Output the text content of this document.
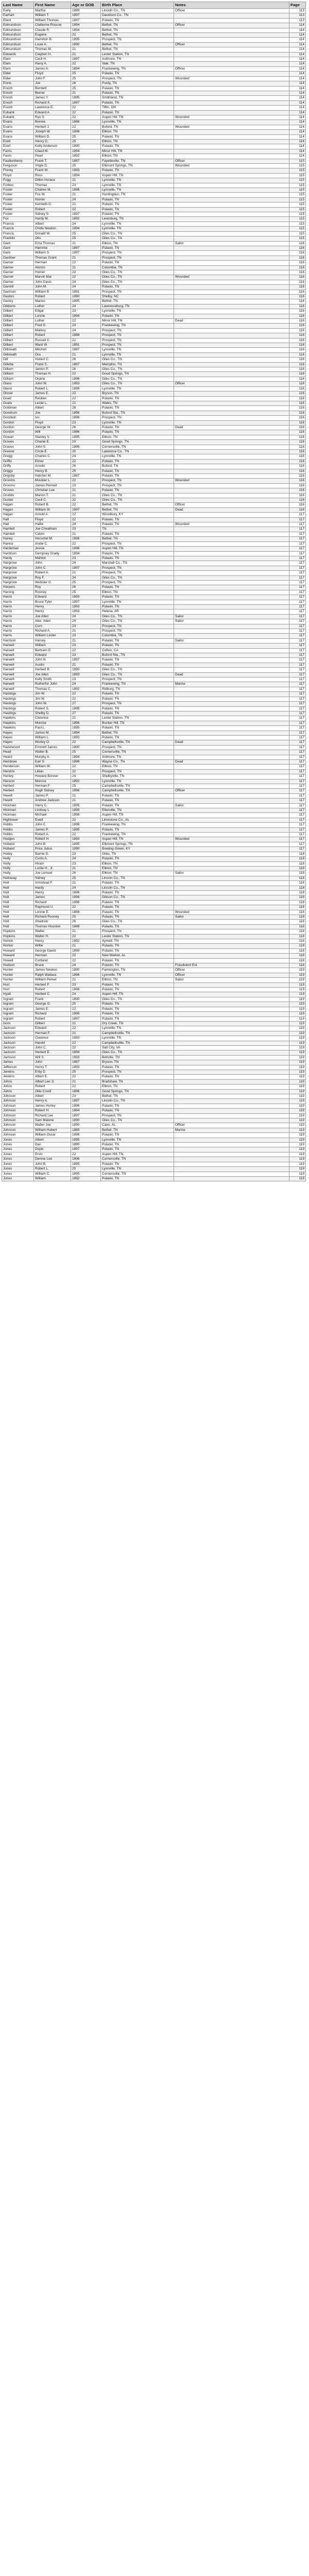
Last Name	First Name	Age or DOB	Birth Place	Notes	Page
Early	Martha	1899	Lincoln Co., TN	Officer	113
Earhart	William T.	1897	Davidson Co., TN		113
Ebert	William Thomas	1897	Pulaski, TN		113
Edmundson	Claiburne Roscoe	1894	Bethel, TN	Officer	114
Edmundson	Claude R.	1894	Bethel, TN		114
Edmundson	Eugene	22	Bethel, TN		114
Edmundson	Hamilton B.	1895	Prospect, TN		114
Edmundson	Louie A.	1890	Bethel, TN	Officer	114
Edmundson	Thomas M.	21	Bethel, TN		114
Edwards	Claybon H.	21	Lester Station, TN		114
Elam	Cecil H.	1897	Ardmore, TN		114
Elam	Harry A.	22	Vale, TN		114
Elam	James A.	1894	Frankewing, TN	Officer	114
Elder	Floyd	25	Pulaski, TN		114
Elder	John F.	25	Prospect, TN	Wounded	114
Ennis	Joe	26	Purdy, TN		114
Enoch	Bennett	25	Pulaski, TN		114
Enoch	Bernie	21	Pulaski, TN		114
Enoch	James Y.	1895	Smithland, TN		114
Enoch	Richard K.	1897	Pulaski, TN		114
Enoch	Lawrence E.	22	Tiffin, OH		114
Eubank	Edward A.	22	Pulaski, TN		114
Eubank	Ryo S.	22	Aspen Hill, TN	Wounded	114
Evans	Bonnie	1886	Lynnville, TN		114
Evans	Herbert J.	22	Buford, TN	Wounded	114
Evans	Joseph W.	1896	Elkton, TN		114
Evans	William D.	25	Pulaski, TN		114
Ezell	Henry G.	25	Elkton, TN		114
Ezell	Kelly Anderson	1890	Pulaski, TN		114
Farris	Claud M.	1894	Minor Hill, TN		114
Farris	Pearl	1892	Elkton, TN		114
Faulkenberry	Frank T.	1887	Fayetteville, TN	Officer	115
Ferguson	Virgle D.	25	Elkmont Springs, TN	Wounded	115
Finney	Frank W.	1893	Pulaski, TN		115
Floyd	Ross	1894	Aspen Hill, TN		115
Fogg	Dillon Horace	21	Lynnville, TN		115
Forbes	Thomas	23	Lynnville, TN		115
Foster	Charles M.	1896	Lynnville, TN		115
Foster	Fox W.	21	Huntingdon, TN		115
Foster	Homer	24	Pulaski, TN		115
Foster	Kenneth G.	21	Pulaski, TN		115
Foster	Robert	22	Pulaski, TN		115
Foster	Sidney S.	1897	Pulaski, TN		115
Fox	Hardy M.	1892	Lewisburg, TN		115
Francis	Albert	24	Lynnville, TN		115
Francis	Chide Newton	1894	Lynnville, TN		115
Francis	Donald W.	25	Giles Co., TN		115
Franklin	Otis	25	Giles Co., TN		115
Gant	Ezra Thomas	21	Elkton, TN	Sailor	116
Gant	Hammie	1897	Pulaski, TN		116
Gant	William S.	1897	Prospect, TN		116
Gardner	Thomas Grant	21	Prospect, TN		116
Garner	Herman	22	Pulaski, TN		116
Garner	Alonzo	21	Columbia, TN		116
Garner	Homer	22	Giles Co., TN		116
Garner	Marvin Mar	22	Giles Co., TN	Wounded	116
Garner	John Davis	24	Giles Co., TN		116
Garrett	John M.	24	Pulaski, TN		116
Garrison	William B.	1891	Prospect, TN		116
Gaston	Robert	1890	Shelby, NC		116
Gentry	Marion	1895	Bethel, TN		116
Gibbons	Luther	24	Lawrenceburg, TN		116
Gilbert	Edgar	23	Lynnville, TN		116
Gilbert	Lonnie	1894	Pulaski, TN		116
Gilbert	Luther	22	Minor Hill, TN	Dead	116
Gilbert	Fred G.	23	Frankewing, TN		116
Gilbert	Mallory	24	Prospect, TN		116
Gilbert	Robert	1888	Prospect, TN		116
Gilbert	Russell C.	22	Prospect, TN		116
Gilbert	Ward W.	1891	Prospect, TN		116
Gilbreath	Mitchell	1887	Lynnville, TN		116
Gilbreath	Ora	21	Lynnville, TN		116
Gill	Hubert C.	26	Giles Co., TN		116
Gillette	Frank S.	1897	Memphis, TN		116
Gilliam	James P.	26	Giles Co., TN		116
Gilliam	Thomas H.	22	Good Springs, TN		116
Gilliam	Orpine	1896	Giles Co., TN		116
Glass	John W.	1893	Giles Co., TN	Officer	116
Glenn	Robert L.	1899	Lynnville, TN		116
Glover	James E.	22	Bryson, TN		116
Goad	Reuben	22	Pulaski, TN		116
Goats	Leslie L.	21	Wales, TN		116
Goldman	Albert	26	Pulaski, TN		116
Goodrum	Joe	1896	Buford Sta., TN		116
Goodwin	Ivo	1896	Prospect, TN		116
Gordon	Floyd	23	Lynnville, TN		116
Gordon	George W.	26	Pulaski, TN	Dead	116
Gordon	Will	1896	Pulaski, TN		116
Gowan	Stanley V.	1895	Elkton, TN		116
Graves	Charlie E.	20	Good Springs, TN		116
Graves	John S.	1896	Cornersville, TN		116
Greene	Circle E.	25	Lawrence Co., TN		116
Gregg	Charles C.	24	Lynnville, TN		116
Griffin	Elmer	22	Pulaski, TN		116
Griffy	Arnold	26	Buford, TN		116
Griggs	Henry B.	25	Pulaski, TN		116
Grigsby	Hatcher M.	1887	Pulaski, TN		116
Grooms	Moulder L.	22	Prospect, TN	Wounded	116
Grooms	James Pennell	23	Prospect, TN		116
Groves	Christian Lee	21	Pulaski, TN		116
Grubbs	Marion T.	21	Giles Co., TN		116
Gunter	Cecil C.	22	Giles Co., TN		116
Hagan	Robert B.	22	Bethel, TN	Officer	116
Hagan	William W.	1897	Bethel, TN	Dead	116
Hagan	Arnold A.	22	Woodbury, KY		117
Hall	Floyd	22	Pulaski, TN		117
Hall	Hallie	24	Pulaski, TN	Wounded	117
Hamlett	Joe Cheatham	23	TN		117
Hamlett	Calvin	21	Pulaski, TN		117
Haney	Herschel M.	1896	Bethel, TN		117
Hanna	Andie C.	22	Prospect, TN		117
Hardeman	Jessie	1896	Aspen Hill, TN		117
Hardison	Dempsey Grady	1894	Pulaski, TN		117
Hardy	Mahlon	23	Pulaski, TN		117
Hargrove	John	24	Marshall Co., TN		117
Hargrove	John C.	1897	Prospect, TN		117
Hargrove	Robert A.	21	Prospect, TN		117
Hargrove	Roy F.	24	Giles Co., TN		117
Hargrove	Webster G.	25	Prospect, TN		117
Harpers	Roy	26	Pulaski, TN		117
Harring	Rooney	25	Elkton, TN		117
Harris	Edward	1893	Pulaski, TN		117
Harris	Bruce Tyler	1897	Lynnville, TN		117
Harris	Henry	1893	Pulaski, TN		117
Harris	Henry	1893	Helena, AR		117
Harris	Joe Allen	24	Giles Co., TN	Sailor	117
Harris	Alex. Allen	24	Giles Co., TN	Sailor	117
Harris	Corn	23	Prospect, TN		117
Harris	Richard A.	21	Prospect, TN		117
Harris	William Lester	23	Columbia, TN		117
Harrison	Harvey	21	Pulaski, TN	Sailor	117
Harwell	William	23	Pulaski, TN		117
Harwell	Bertram O.	22	Cofton, CA		117
Harwell	Edward	23	Buford Sta., TN		117
Harwell	John N.	1897	Pulaski, TN		117
Harwell	Austin	21	Pulaski, TN		117
Harwell	Herbert B.	1890	Giles Co., TN		117
Harwell	Joe Allen	1893	Giles Co., TN	Dead	117
Harwell	Kelly Smith	23	Prospect, TN		117
Harwell	Rutherfor John	24	Frankewing, TN	Marine	117
Harwell	Thomas C.	1892	Ridburg, TN		117
Hastings	Jim W.	22	Pulaski, TN		117
Hastings	Jim W.	22	Pulaski, TN		117
Hastings	John W.	27	Prospect, TN		117
Hastings	Robert S.	1895	Pulaski, TN		117
Hastings	Shelby D.	27	Pulaski, TN		117
Hawkins	Clarence	21	Lester Station, TN		117
Hawkins	Monroe	1896	Bunker Hill, TN		117
Hawkins	Paul L.	1895	Pulaski, TN		117
Hayes	James M.	1894	Bethel, TN		117
Hayes	William L.	1893	Pulaski, TN		117
Hayes	Worley O.	22	Campbellsville, TN	Dead	117
Hazelwood	Emmett James	1890	Prospect, TN		117
Head	Walter B.	25	Cornersville, TN		117
Heard	Murphy A.	1894	Ardmore, TN		117
Hembree	Earl S.	1898	Wayne Co., TN	Dead	117
Henderson	William W.	22	Elkton, TN		117
Hendrix	Lillian	22	Prospect, TN		117
Henley	Howard Bonner	24	Shelbyville, TN		117
Henson	Monroe	1892	Lynnville, TN		117
Herbert	Herman F.	25	Campbellsville, TN		117
Herbert	Hugh Sidney	1896	Campbellsville, TN	Officer	117
Hewitt	James P.	21	Pulaski, TN		117
Hewitt	Andrew Jackson	21	Pulaski, TN		117
Hickman	Harry C.	1895	Pulaski, TN	Sailor	117
Hickman	Lindsay L.	1899	Ellenville, TN		117
Hickman	Michael	1896	Aspen Hill, TN		117
Hightower	Ewell	22	Limestone Co., AL		117
Hobbs	John C.	1896	Frankewing, TN		117
Hobbs	James P.	1895	Pulaski, TN		117
Hobbs	Robert A.	22	Frankewing, TN		117
Hodges	Robert H.	1893	Aspen Hill, TN	Wounded	117
Holland	John B.	1895	Elkmont Springs, TN		117
Holland	Price Julius	1890	Bowling Green, KY		117
Holley	Barnie D.	23	Giles, TN		118
Holly	Curtis A.	24	Pulaski, TN		118
Holly	Hiram	23	Elkton, TN		118
Holly	Lucile H., Jr.	21	Elkton, TN		118
Holly	Joe Lemuel	26	Elkton, TN	Sailor	118
Holloway	Sidney	25	Lincoln Co., TN		118
Holt	Armstead F.	21	Pulaski, TN		118
Holt	Hardy	24	Lincoln Co., TN		118
Holt	Henry	1896	Pulaski, TN		118
Holt	James	1896	Gibson Co., TN		118
Holt	Richard	1896	Pulaski, TN		118
Holt	Raymond U.	22	Pulaski, TN		118
Holt	Lonnie E.	1888	Pulaski, TN	Wounded	118
Holt	Richard Rooney	25	Pulaski, TN	Sailor	118
Holt	Shadrick	26	Giles Co., TN		118
Holt	Thomas Houston	1888	Pulaski, TN		118
Hopkins	Walter	21	Prospect, TN		118
Hopkins	Walter H.	22	Lester Station, TN		118
Horton	Henry	1892	Aymett, TN		118
Horton	Willie	21	Pulaski, TN		118
Howard	George David	1899	Pulaski, TN		118
Howard	Herman	22	New Market, AL		118
Howell	Cortland	22	Pulaski, TN		118
Hudson	Bruce	24	Pulaski, TN	Fraudulent Enl.	118
Hunter	James Newton	1890	Farmington, TN	Officer	119
Hunter	Ralph Wallace	1896	Lynnville, TN	Officer	119
Hunter	William Pernel	21	Elkton, TN	Sailor	119
Hurt	Herbert F.	23	Pulaski, TN		119
Hurt	Robert	1896	Pulaski, TN		119
Hyatt	Herbert C.	24	Aspen Hill, TN		119
Ingram	Frank	1890	Giles Co., TN		119
Ingram	George G.	25	Pulaski, TN		119
Ingram	James E.	22	Pulaski, TN		119
Ingram	Richard	1895	Pulaski, TN		119
Ingram	Robert	1897	Pulaski, TN		119
Isom	Gilbert	21	Dry Creek, TN		119
Jackson	Edward	22	Lynnville, TN		119
Jackson	Herman F.	21	Campbellsville, TN		119
Jackson	Clarence	1893	Lynnville, TN		119
Jackson	Harold	22	Campbellsville, TN		119
Jackson	John C.	22	Salt City, VA		119
Jackson	Herbert E.	1894	Giles Co., TN		119
Jamison	Will S.	1893	Bellville, TN		119
James	John	1887	Bryson, TN		119
Jefferson	Henry T.	1893	Pulaski, TN		119
Jenkins	Erby D.	25	Prospect, TN		119
Jenkins	Albert E.	22	Pulaski, TN		119
Johns	Albert Lee Jr.	21	Bradshaw, TN		119
Johns	Robert	22	Elkton, TN		119
Johns	Ollie Covid	1896	Good Springs, TN		119
Johnson	Albert	23	Bethel, TN		119
Johnson	Henry A.	1897	Lincoln Co., TN		119
Johnson	James Hurley	1896	Pulaski, TN		119
Johnson	Robert H.	1894	Pulaski, TN		119
Johnson	Richard Lee	1897	Prospect, TN		119
Johnson	Sam Malone	1890	Giles Co., TN		119
Johnson	Walter Joe	1890	Cairo, AL	Officer	119
Johnson	William Hubert	1889	Bethel, TN	Marine	119
Johnson	William Oscar	1896	Pulaski, TN		119
Jones	Albert	1895	Lynnville, TN		119
Jones	Dan	1890	Pulaski, TN		119
Jones	Doyle	1897	Pulaski, TN		119
Jones	Ervin	22	Aspen Hill, TN		119
Jones	Dennie Lee	1896	Cornersville, TN		119
Jones	John B.	1895	Pulaski, TN		119
Jones	Robert L.	25	Lynnville, TN		119
Jones	William C.	1895	Cornersville, TN		119
Jones	William	1892	Pulaski, TN		119
